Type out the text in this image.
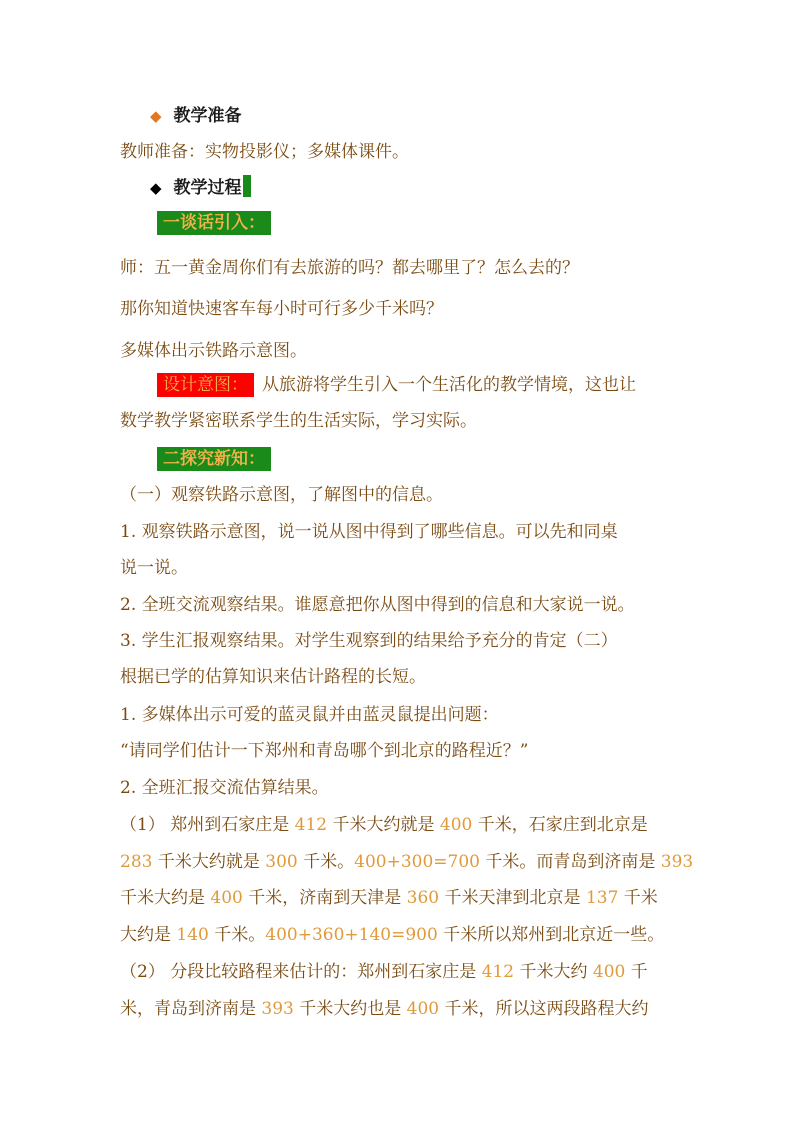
◆ 教学准备
教师准备：实物投影仪；多媒体课件。
◆ 教学过程
一谈话引入：
师：五一黄金周你们有去旅游的吗？都去哪里了？怎么去的？
那你知道快速客车每小时可行多少千米吗？
多媒体出示铁路示意图。
设计意图： 从旅游将学生引入一个生活化的教学情境，这也让
数学教学紧密联系学生的生活实际，学习实际。
二探究新知：
（一）观察铁路示意图，了解图中的信息。
1. 观察铁路示意图，说一说从图中得到了哪些信息。可以先和同桌
说一说。
2. 全班交流观察结果。谁愿意把你从图中得到的信息和大家说一说。
3. 学生汇报观察结果。对学生观察到的结果给予充分的肯定（二）
根据已学的估算知识来估计路程的长短。
1. 多媒体出示可爱的蓝灵鼠并由蓝灵鼠提出问题：
“请同学们估计一下郑州和青岛哪个到北京的路程近？”
2. 全班汇报交流估算结果。
（1） 郑州到石家庄是 412 千米大约就是 400 千米，石家庄到北京是
283 千米大约就是 300 千米。400+300=700 千米。而青岛到济南是 393
千米大约是 400 千米，济南到天津是 360 千米天津到北京是 137 千米
大约是 140 千米。400+360+140=900 千米所以郑州到北京近一些。
（2） 分段比较路程来估计的：郑州到石家庄是 412 千米大约 400 千
米，青岛到济南是 393 千米大约也是 400 千米，所以这两段路程大约
